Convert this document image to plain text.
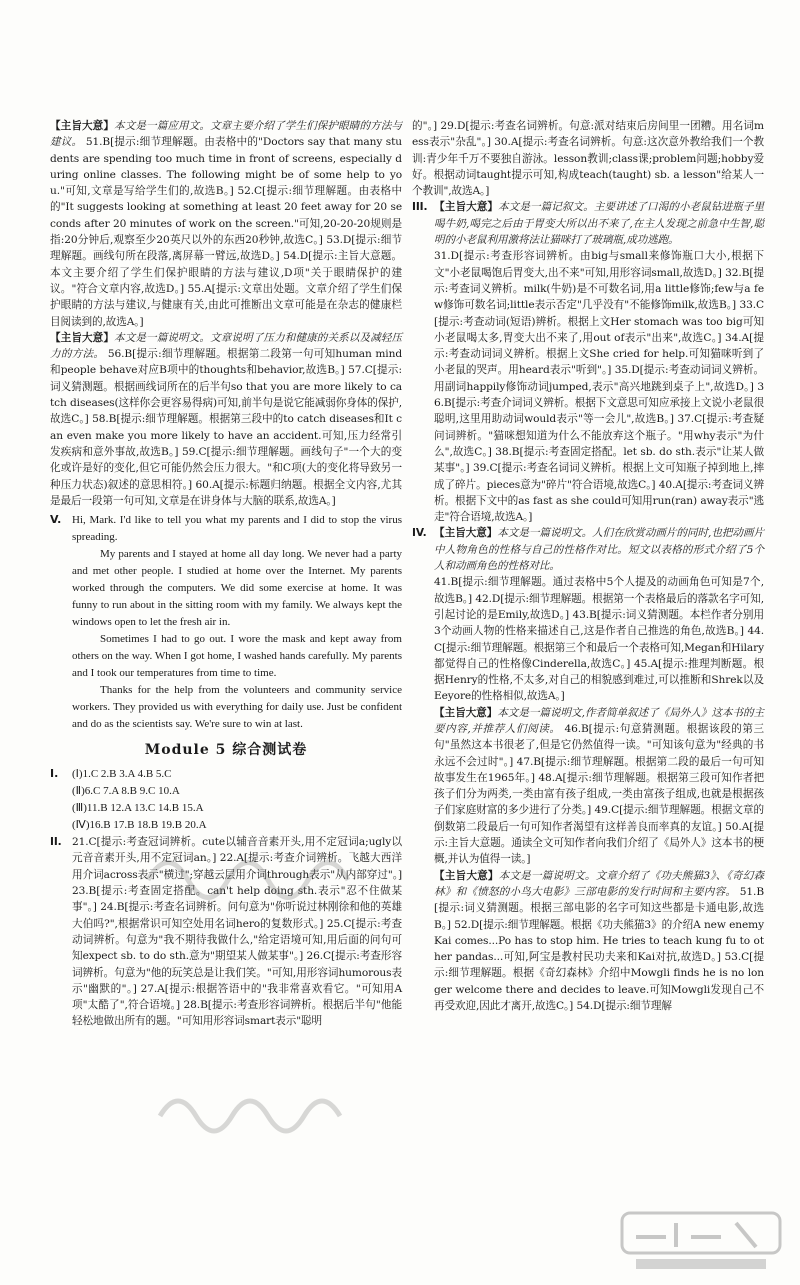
【主旨大意】本文是一篇应用文。文章主要介绍了学生们保护眼睛的方法与建议。 51.B[提示:细节理解题。由表格中的"Doctors say that many students are spending too much time in front of screens, especially during online classes. The following might be of some help to you."可知,文章是写给学生们的,故选B。] 52.C[提示:细节理解题。由表格中的"It suggests looking at something at least 20 feet away for 20 seconds after 20 minutes of work on the screen."可知,20-20-20规则是指:20分钟后,观察至少20英尺以外的东西20秒钟,故选C。] 53.D[提示:细节理解题。画线句所在段落,离屏幕一臂远,故选D。] 54.D[提示:主旨大意题。本文主要介绍了学生们保护眼睛的方法与建议,D项"关于眼睛保护的建议。"符合文章内容,故选D。] 55.A[提示:文章出处题。文章介绍了学生们保护眼睛的方法与建议,与健康有关,由此可推断出文章可能是在杂志的健康栏目阅读到的,故选A。]

【主旨大意】本文是一篇说明文。文章说明了压力和健康的关系以及减轻压力的方法。 56.B[提示:细节理解题。根据第二段第一句可知human mind和people behave对应B项中的thoughts和behavior,故选B。] 57.C[提示:词义猜测题。根据画线词所在的后半句so that you are more likely to catch diseases(这样你会更容易得病)可知,前半句是说它能减弱你身体的保护,故选C。] 58.B[提示:细节理解题。根据第三段中的to catch diseases和It can even make you more likely to have an accident.可知,压力经常引发疾病和意外事故,故选B。] 59.C[提示:细节理解题。画线句子"一个大的变化或许是好的变化,但它可能仍然会压力很大。"和C项(大的变化将导致另一种压力状态)叙述的意思相符。] 60.A[提示:标题归纳题。根据全文内容,尤其是最后一段第一句可知,文章是在讲身体与大脑的联系,故选A。]

V. Hi, Mark. I'd like to tell you what my parents and I did to stop the virus spreading.

My parents and I stayed at home all day long. We never had a party and met other people. I studied at home over the Internet. My parents worked through the computers. We did some exercise at home. It was funny to run about in the sitting room with my family. We always kept the windows open to let the fresh air in.

Sometimes I had to go out. I wore the mask and kept away from others on the way. When I got home, I washed hands carefully. My parents and I took our temperatures from time to time.

Thanks for the help from the volunteers and community service workers. They provided us with everything for daily use. Just be confident and do as the scientists say. We're sure to win at last.

Module 5 综合测试卷
I. (Ⅰ)1.C 2.B 3.A 4.B 5.C
(Ⅱ)6.C 7.A 8.B 9.C 10.A
(Ⅲ)11.B 12.A 13.C 14.B 15.A
(Ⅳ)16.B 17.B 18.B 19.B 20.A

II. 21.C[提示:考查冠词辨析。cute以辅音音素开头,用不定冠词a;ugly以元音音素开头,用不定冠词an。] 22.A[提示:考查介词辨析。飞越大西洋用介词across表示"横过";穿越云层用介词through表示"从内部穿过"。] 23.B[提示:考查固定搭配。can't help doing sth.表示"忍不住做某事"。] 24.B[提示:考查名词辨析。问句意为"你听说过林刚徐和他的英雄大伯吗?",根据常识可知空处用名词hero的复数形式。] 25.C[提示:考查动词辨析。句意为"我不期待我做什么,"给定语境可知,用后面的问句可知expect sb. to do sth.意为"期望某人做某事"。] 26.C[提示:考查形容词辨析。句意为"他的玩笑总是让我们笑。"可知,用形容词humorous表示"幽默的"。] 27.A[提示:根据答语中的"我非常喜欢看它。"可知用A项"太酷了",符合语境。] 28.B[提示:考查形容词辨析。根据后半句"他能轻松地做出所有的题。"可知用形容词smart表示"聪明

的"。] 29.D[提示:考查名词辨析。句意:派对结束后房间里一团糟。用名词mess表示"杂乱"。] 30.A[提示:考查名词辨析。句意:这次意外教给我们一个教训:青少年千万不要独自游泳。lesson教训;class课;problem问题;hobby爱好。根据动词taught提示可知,构成teach(taught) sb. a lesson"给某人一个教训",故选A。]

III. 【主旨大意】本文是一篇记叙文。主要讲述了口渴的小老鼠钻进瓶子里喝牛奶,喝完之后由于胃变大所以出不来了,在主人发现之前急中生智,聪明的小老鼠利用激将法让猫咪打了玻璃瓶,成功逃跑。

31.D[提示:考查形容词辨析。由big与small来修饰瓶口大小,根据下文"小老鼠喝饱后胃变大,出不来"可知,用形容词small,故选D。] 32.B[提示:考查词义辨析。milk(牛奶)是不可数名词,用a little修饰;few与a few修饰可数名词;little表示否定"几乎没有"不能修饰milk,故选B。] 33.C[提示:考查动词(短语)辨析。根据上文Her stomach was too big可知小老鼠喝太多,胃变大出不来了,用out of表示"出来",故选C。] 34.A[提示:考查动词词义辨析。根据上文She cried for help.可知猫咪听到了小老鼠的哭声。用heard表示"听到"。] 35.D[提示:考查动词词义辨析。用副词happily修饰动词jumped,表示"高兴地跳到桌子上",故选D。] 36.B[提示:考查介词词义辨析。根据下文意思可知应承接上文说小老鼠很聪明,这里用助动词would表示"等一会儿",故选B。] 37.C[提示:考查疑问词辨析。"猫咪想知道为什么不能放弃这个瓶子。"用why表示"为什么",故选C。] 38.B[提示:考查固定搭配。let sb. do sth.表示"让某人做某事"。] 39.C[提示:考查名词词义辨析。根据上文可知瓶子掉到地上,摔成了碎片。pieces意为"碎片"符合语境,故选C。] 40.A[提示:考查词义辨析。根据下文中的as fast as she could可知用run(ran) away表示"逃走"符合语境,故选A。]

IV. 【主旨大意】本文是一篇说明文。人们在欣赏动画片的同时,也把动画片中人物角色的性格与自己的性格作对比。短文以表格的形式介绍了5个人和动画角色的性格对比。

41.B[提示:细节理解题。通过表格中5个人提及的动画角色可知是7个,故选B。] 42.D[提示:细节理解题。根据第一个表格最后的落款名字可知,引起讨论的是Emily,故选D。] 43.B[提示:词义猜测题。本栏作者分别用3个动画人物的性格来描述自己,这是作者自己推选的角色,故选B。] 44.C[提示:细节理解题。根据第三个和最后一个表格可知,Megan和Hilary都觉得自己的性格像Cinderella,故选C。] 45.A[提示:推理判断题。根据Henry的性格,不太多,对自己的相貌感到难过,可以推断和Shrek以及Eeyore的性格相似,故选A。]

【主旨大意】本文是一篇说明文,作者简单叙述了《局外人》这本书的主要内容,并推荐人们阅读。 46.B[提示:句意猜测题。根据该段的第三句"虽然这本书很老了,但是它仍然值得一读。"可知该句意为"经典的书永远不会过时"。] 47.B[提示:细节理解题。根据第二段的最后一句可知故事发生在1965年。] 48.A[提示:细节理解题。根据第三段可知作者把孩子们分为两类,一类由富有孩子组成,一类由富孩子组成,也就是根据孩子们家庭财富的多少进行了分类。] 49.C[提示:细节理解题。根据文章的倒数第二段最后一句可知作者渴望有这样善良而率真的友谊。] 50.A[提示:主旨大意题。通读全文可知作者向我们介绍了《局外人》这本书的梗概,并认为值得一读。]

【主旨大意】本文是一篇说明文。文章介绍了《功夫熊猫3》、《奇幻森林》和《愤怒的小鸟大电影》三部电影的发行时间和主要内容。 51.B[提示:词义猜测题。根据三部电影的名字可知这些都是卡通电影,故选B。] 52.D[提示:细节理解题。根据《功夫熊猫3》的介绍A new enemy Kai comes...Po has to stop him. He tries to teach kung fu to other pandas...可知,阿宝是教村民功夫来和Kai对抗,故选D。] 53.C[提示:细节理解题。根据《奇幻森林》介绍中Mowgli finds he is no longer welcome there and decides to leave.可知Mowgli发现自己不再受欢迎,因此才离开,故选C。] 54.D[提示:细节理解
